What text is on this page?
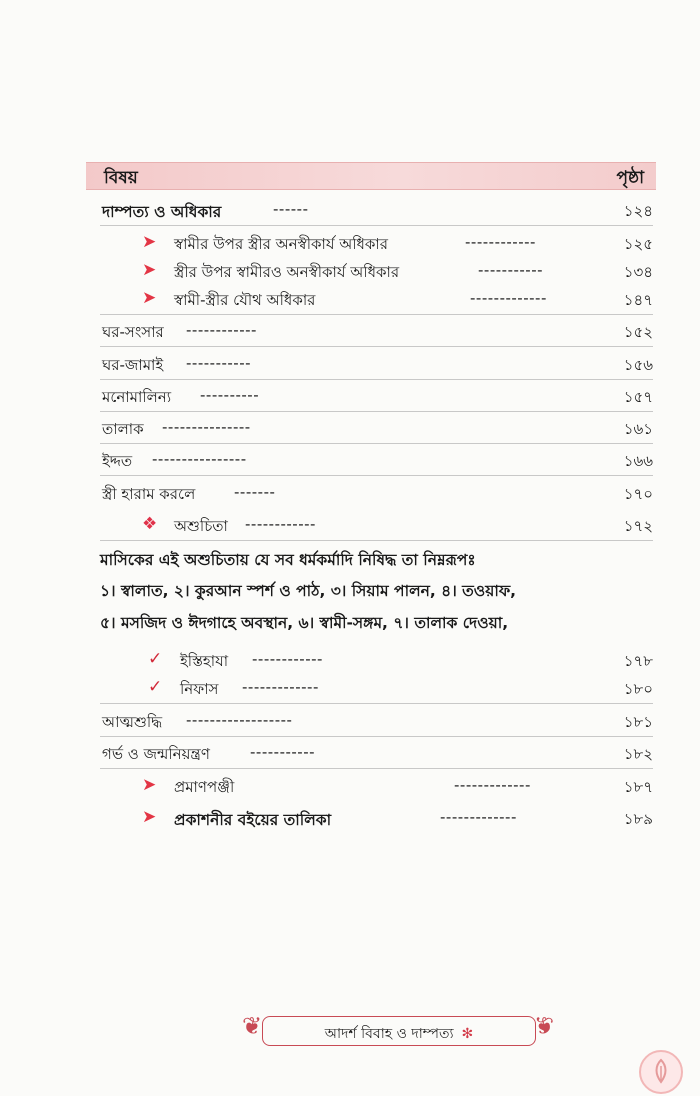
বিষয়	পৃষ্ঠা
দাম্পত্য ও অধিকার	------	১২৪
➤ স্বামীর উপর স্ত্রীর অনস্বীকার্য অধিকার	------------	১২৫
➤ স্ত্রীর উপর স্বামীরও অনস্বীকার্য অধিকার	-----------	১৩৪
➤ স্বামী-স্ত্রীর যৌথ অধিকার	-------------	১৪৭
ঘর-সংসার ------------	১৫২
ঘর-জামাই -----------	১৫৬
মনোমালিন্য ----------	১৫৭
তালাক ---------------	১৬১
ইদ্দত ----------------	১৬৬
স্ত্রী হারাম করলে	-------	১৭০
❖ অশুচিতা ------------	১৭২
মাসিকের এই অশুচিতায় যে সব ধর্মকর্মাদি নিষিদ্ধ তা নিম্নরূপঃ
১। স্বালাত, ২। কুরআন স্পর্শ ও পাঠ, ৩। সিয়াম পালন, ৪। তওয়াফ,
৫। মসজিদ ও ঈদগাহে অবস্থান, ৬। স্বামী-সঙ্গম, ৭। তালাক দেওয়া,
✓ ইস্তিহাযা ------------	১৭৮
✓ নিফাস -------------	১৮০
আত্মশুদ্ধি ------------------	১৮১
গর্ভ ও জন্মনিয়ন্ত্রণ	-----------	১৮২
➤ প্রমাণপঞ্জী	-------------	১৮৭
➤ প্রকাশনীর বইয়ের তালিকা	-------------	১৮৯
❦	❦
আদর্শ বিবাহ ও দাম্পত্য ✻
